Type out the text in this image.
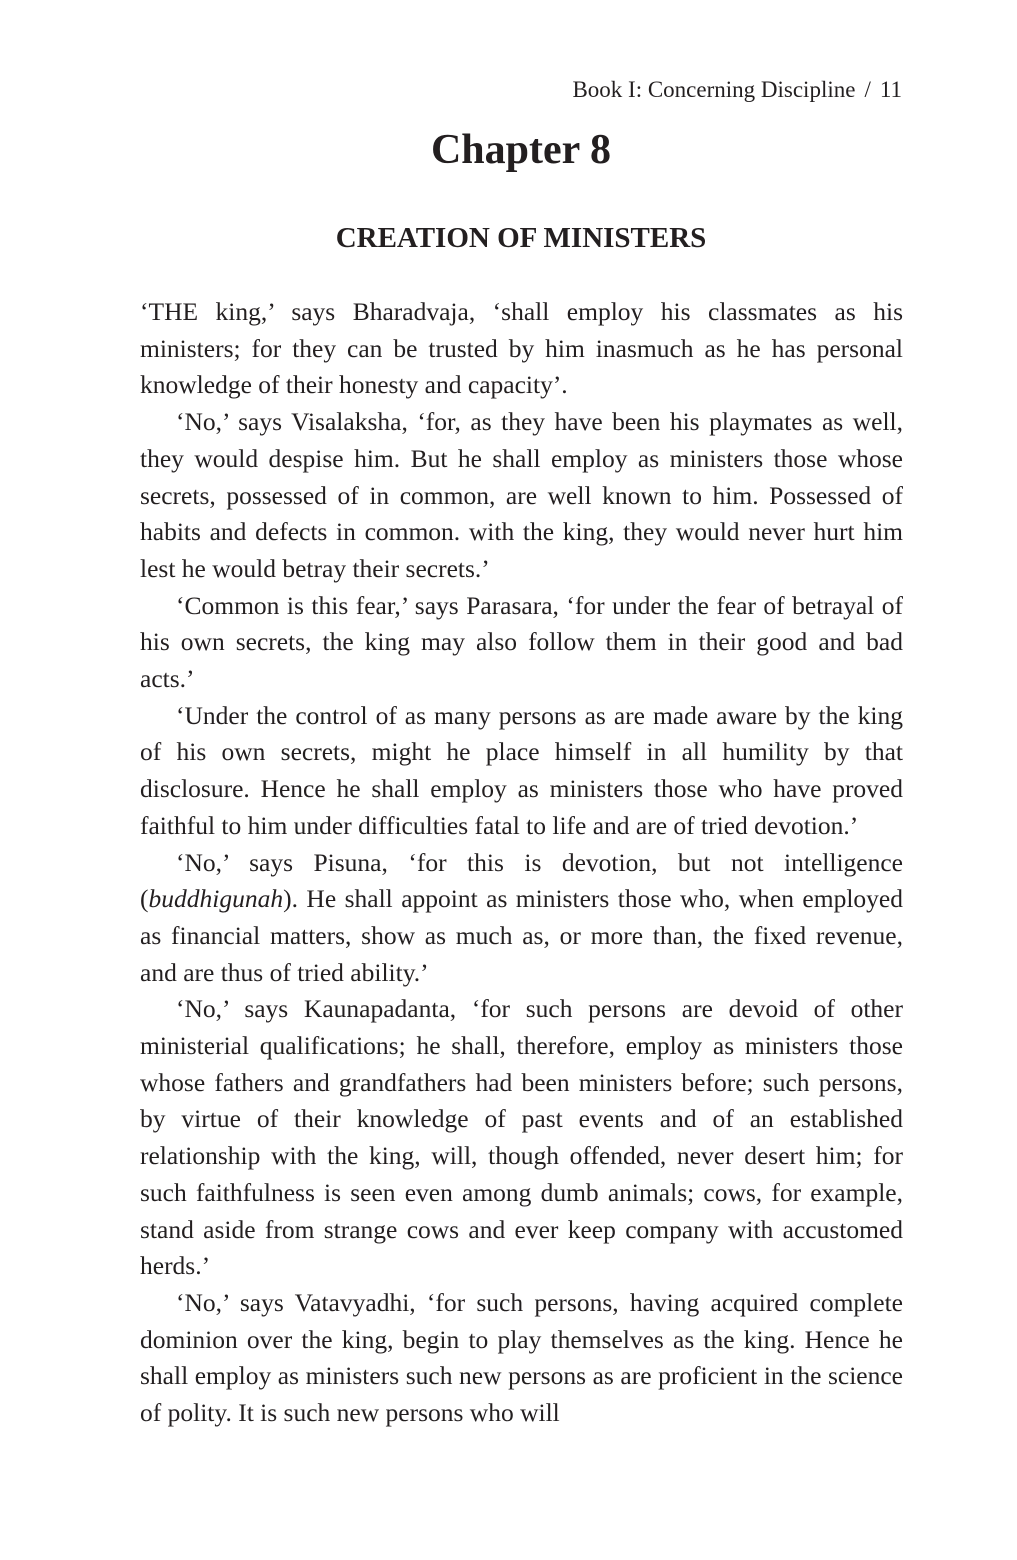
Book I: Concerning Discipline / 11
Chapter 8
CREATION OF MINISTERS

‘THE king,’ says Bharadvaja, ‘shall employ his classmates as his ministers; for they can be trusted by him inasmuch as he has personal knowledge of their honesty and capacity’.

‘No,’ says Visalaksha, ‘for, as they have been his playmates as well, they would despise him. But he shall employ as ministers those whose secrets, possessed of in common, are well known to him. Possessed of habits and defects in common. with the king, they would never hurt him lest he would betray their secrets.’

‘Common is this fear,’ says Parasara, ‘for under the fear of betrayal of his own secrets, the king may also follow them in their good and bad acts.’

‘Under the control of as many persons as are made aware by the king of his own secrets, might he place himself in all humility by that disclosure. Hence he shall employ as ministers those who have proved faithful to him under difficulties fatal to life and are of tried devotion.’

‘No,’ says Pisuna, ‘for this is devotion, but not intelligence (buddhigunah). He shall appoint as ministers those who, when employed as financial matters, show as much as, or more than, the fixed revenue, and are thus of tried ability.’

‘No,’ says Kaunapadanta, ‘for such persons are devoid of other ministerial qualifications; he shall, therefore, employ as ministers those whose fathers and grandfathers had been ministers before; such persons, by virtue of their knowledge of past events and of an established relationship with the king, will, though offended, never desert him; for such faithfulness is seen even among dumb animals; cows, for example, stand aside from strange cows and ever keep company with accustomed herds.’

‘No,’ says Vatavyadhi, ‘for such persons, having acquired complete dominion over the king, begin to play themselves as the king. Hence he shall employ as ministers such new persons as are proficient in the science of polity. It is such new persons who will
